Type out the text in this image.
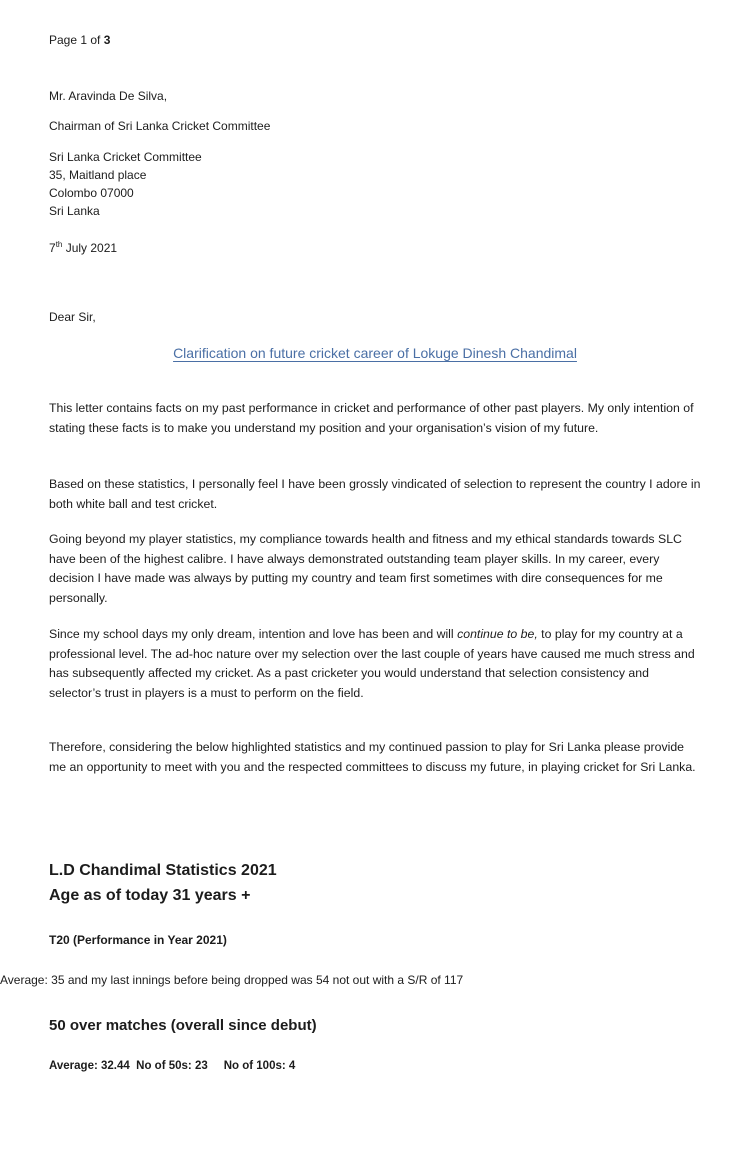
Page 1 of 3
Mr. Aravinda De Silva,
Chairman of Sri Lanka Cricket Committee
Sri Lanka Cricket Committee
35, Maitland place
Colombo 07000
Sri Lanka
7th July 2021
Dear Sir,
Clarification on future cricket career of Lokuge Dinesh Chandimal
This letter contains facts on my past performance in cricket and performance of other past players. My only intention of stating these facts is to make you understand my position and your organisation’s vision of my future.
Based on these statistics, I personally feel I have been grossly vindicated of selection to represent the country I adore in both white ball and test cricket.
Going beyond my player statistics, my compliance towards health and fitness and my ethical standards towards SLC have been of the highest calibre. I have always demonstrated outstanding team player skills. In my career, every decision I have made was always by putting my country and team first sometimes with dire consequences for me personally.
Since my school days my only dream, intention and love has been and will continue to be, to play for my country at a professional level. The ad-hoc nature over my selection over the last couple of years have caused me much stress and has subsequently affected my cricket. As a past cricketer you would understand that selection consistency and selector’s trust in players is a must to perform on the field.
Therefore, considering the below highlighted statistics and my continued passion to play for Sri Lanka please provide me an opportunity to meet with you and the respected committees to discuss my future, in playing cricket for Sri Lanka.
L.D Chandimal Statistics 2021
Age as of today 31 years +
T20 (Performance in Year 2021)
Average: 35 and my last innings before being dropped was 54 not out with a S/R of 117
50 over matches (overall since debut)
Average: 32.44  No of 50s: 23     No of 100s: 4
